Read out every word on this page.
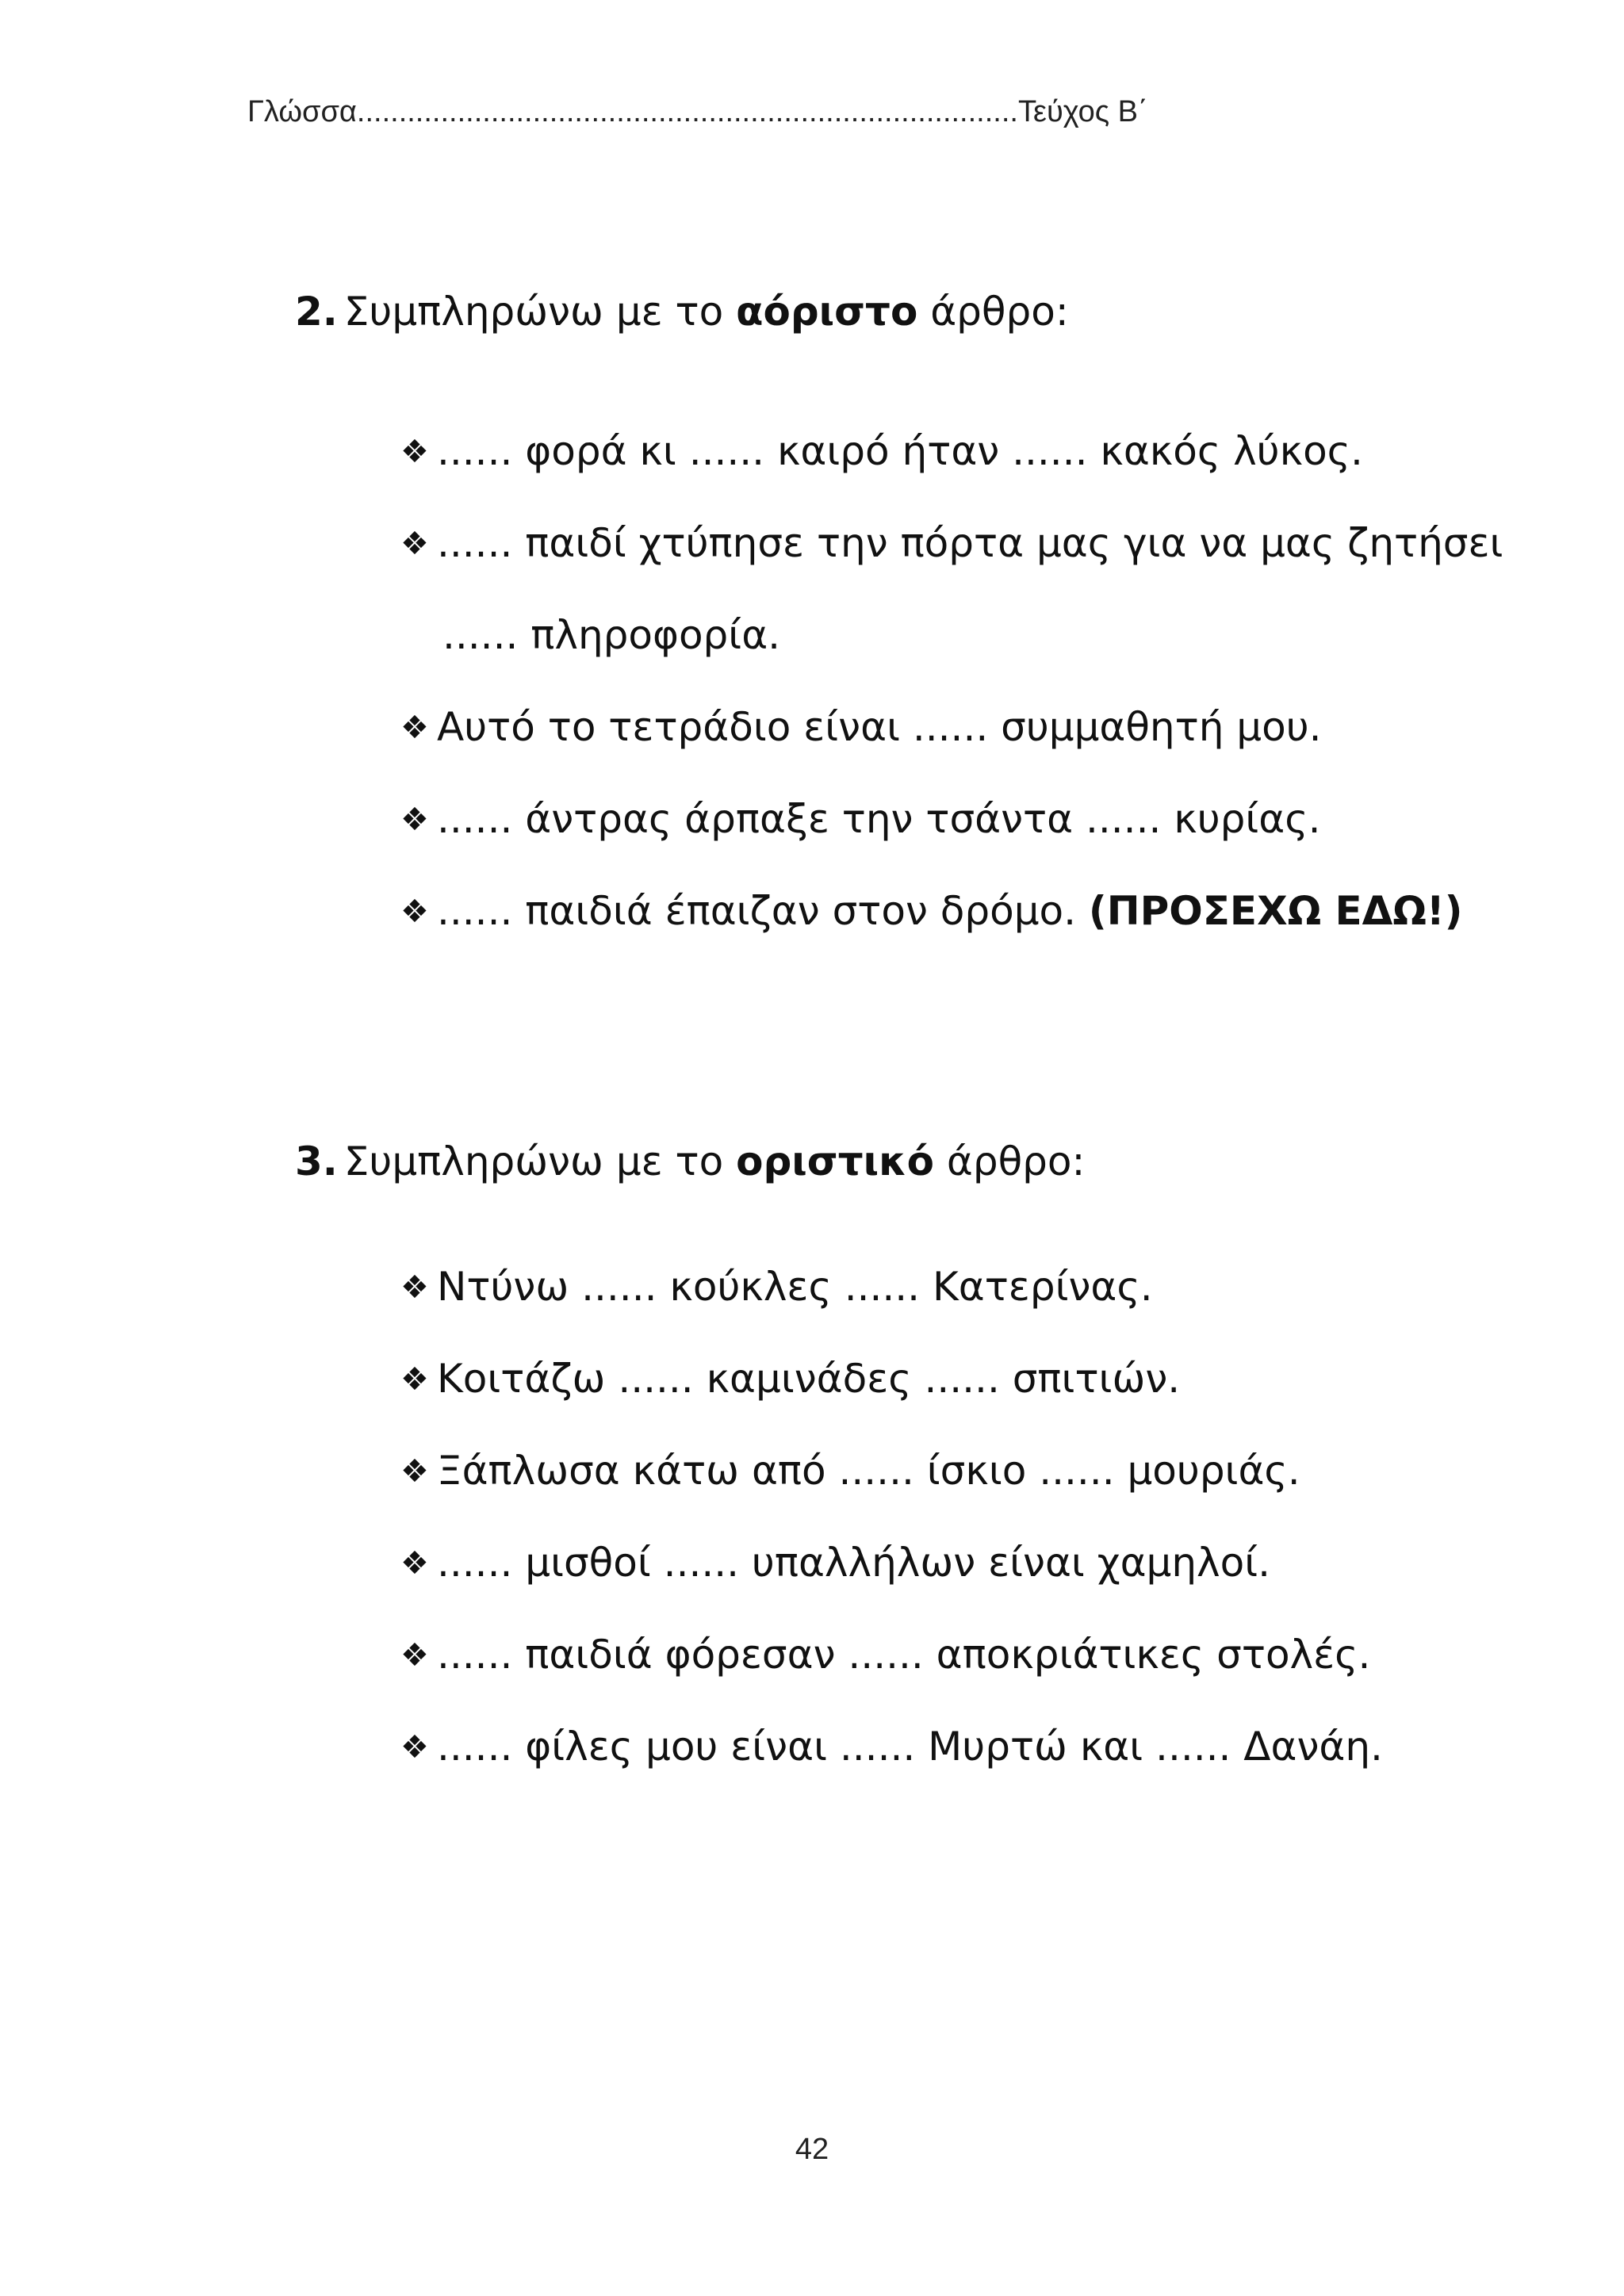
Γλώσσα...............................................................................Τεύχος Β΄
2. Συμπληρώνω με το αόριστο άρθρο:
❖ ...... φορά κι ...... καιρό ήταν ...... κακός λύκος.
❖ ...... παιδί χτύπησε την πόρτα μας για να μας ζητήσει
...... πληροφορία.
❖ Αυτό το τετράδιο είναι ...... συμμαθητή μου.
❖ ...... άντρας άρπαξε την τσάντα ...... κυρίας.
❖ ...... παιδιά έπαιζαν στον δρόμο. (ΠΡΟΣΕΧΩ ΕΔΩ!)
3. Συμπληρώνω με το οριστικό άρθρο:
❖ Ντύνω ...... κούκλες ...... Κατερίνας.
❖ Κοιτάζω ...... καμινάδες ...... σπιτιών.
❖ Ξάπλωσα κάτω από ...... ίσκιο ...... μουριάς.
❖ ...... μισθοί ...... υπαλλήλων είναι χαμηλοί.
❖ ...... παιδιά φόρεσαν ...... αποκριάτικες στολές.
❖ ...... φίλες μου είναι ...... Μυρτώ και ...... Δανάη.
42
